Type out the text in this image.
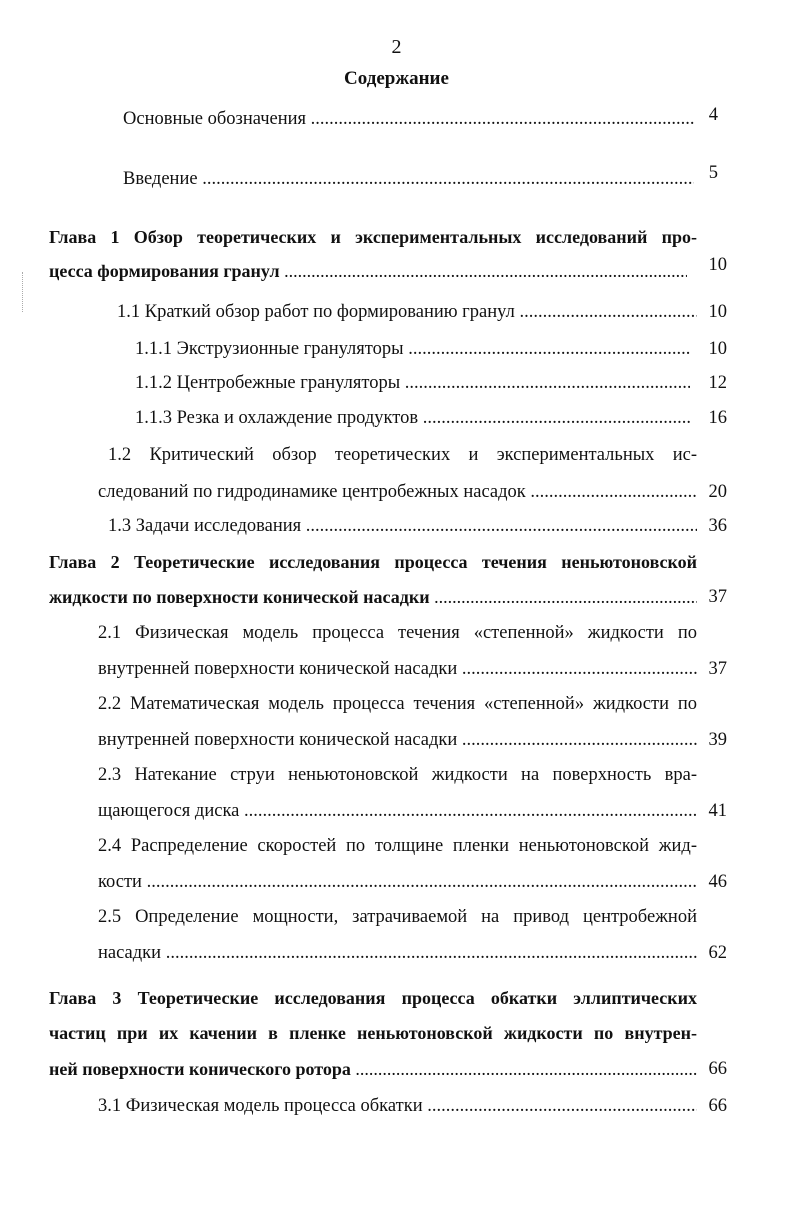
2
Содержание
Основные обозначения .....	4
Введение .....	5
Глава 1 Обзор теоретических и экспериментальных исследований про-
цесса формирования гранул .....	10
1.1 Краткий обзор работ по формированию гранул .....	10
1.1.1 Экструзионные грануляторы .....	10
1.1.2 Центробежные грануляторы .....	12
1.1.3 Резка и охлаждение продуктов .....	16
1.2 Критический обзор теоретических и экспериментальных ис-
следований по гидродинамике центробежных насадок .....	20
1.3 Задачи исследования .....	36
Глава 2 Теоретические исследования процесса течения неньютоновской
жидкости по поверхности конической насадки .....	37
2.1 Физическая модель процесса течения «степенной» жидкости по
внутренней поверхности конической насадки .....	37
2.2 Математическая модель процесса течения «степенной» жидкости по
внутренней поверхности конической насадки .....	39
2.3 Натекание струи неньютоновской жидкости на поверхность вра-
щающегося диска .....	41
2.4 Распределение скоростей по толщине пленки неньютоновской жид-
кости .....	46
2.5 Определение мощности, затрачиваемой на привод центробежной
насадки .....	62
Глава 3 Теоретические исследования процесса обкатки эллиптических
частиц при их качении в пленке неньютоновской жидкости по внутрен-
ней поверхности конического ротора .....	66
3.1 Физическая модель процесса обкатки .....	66
